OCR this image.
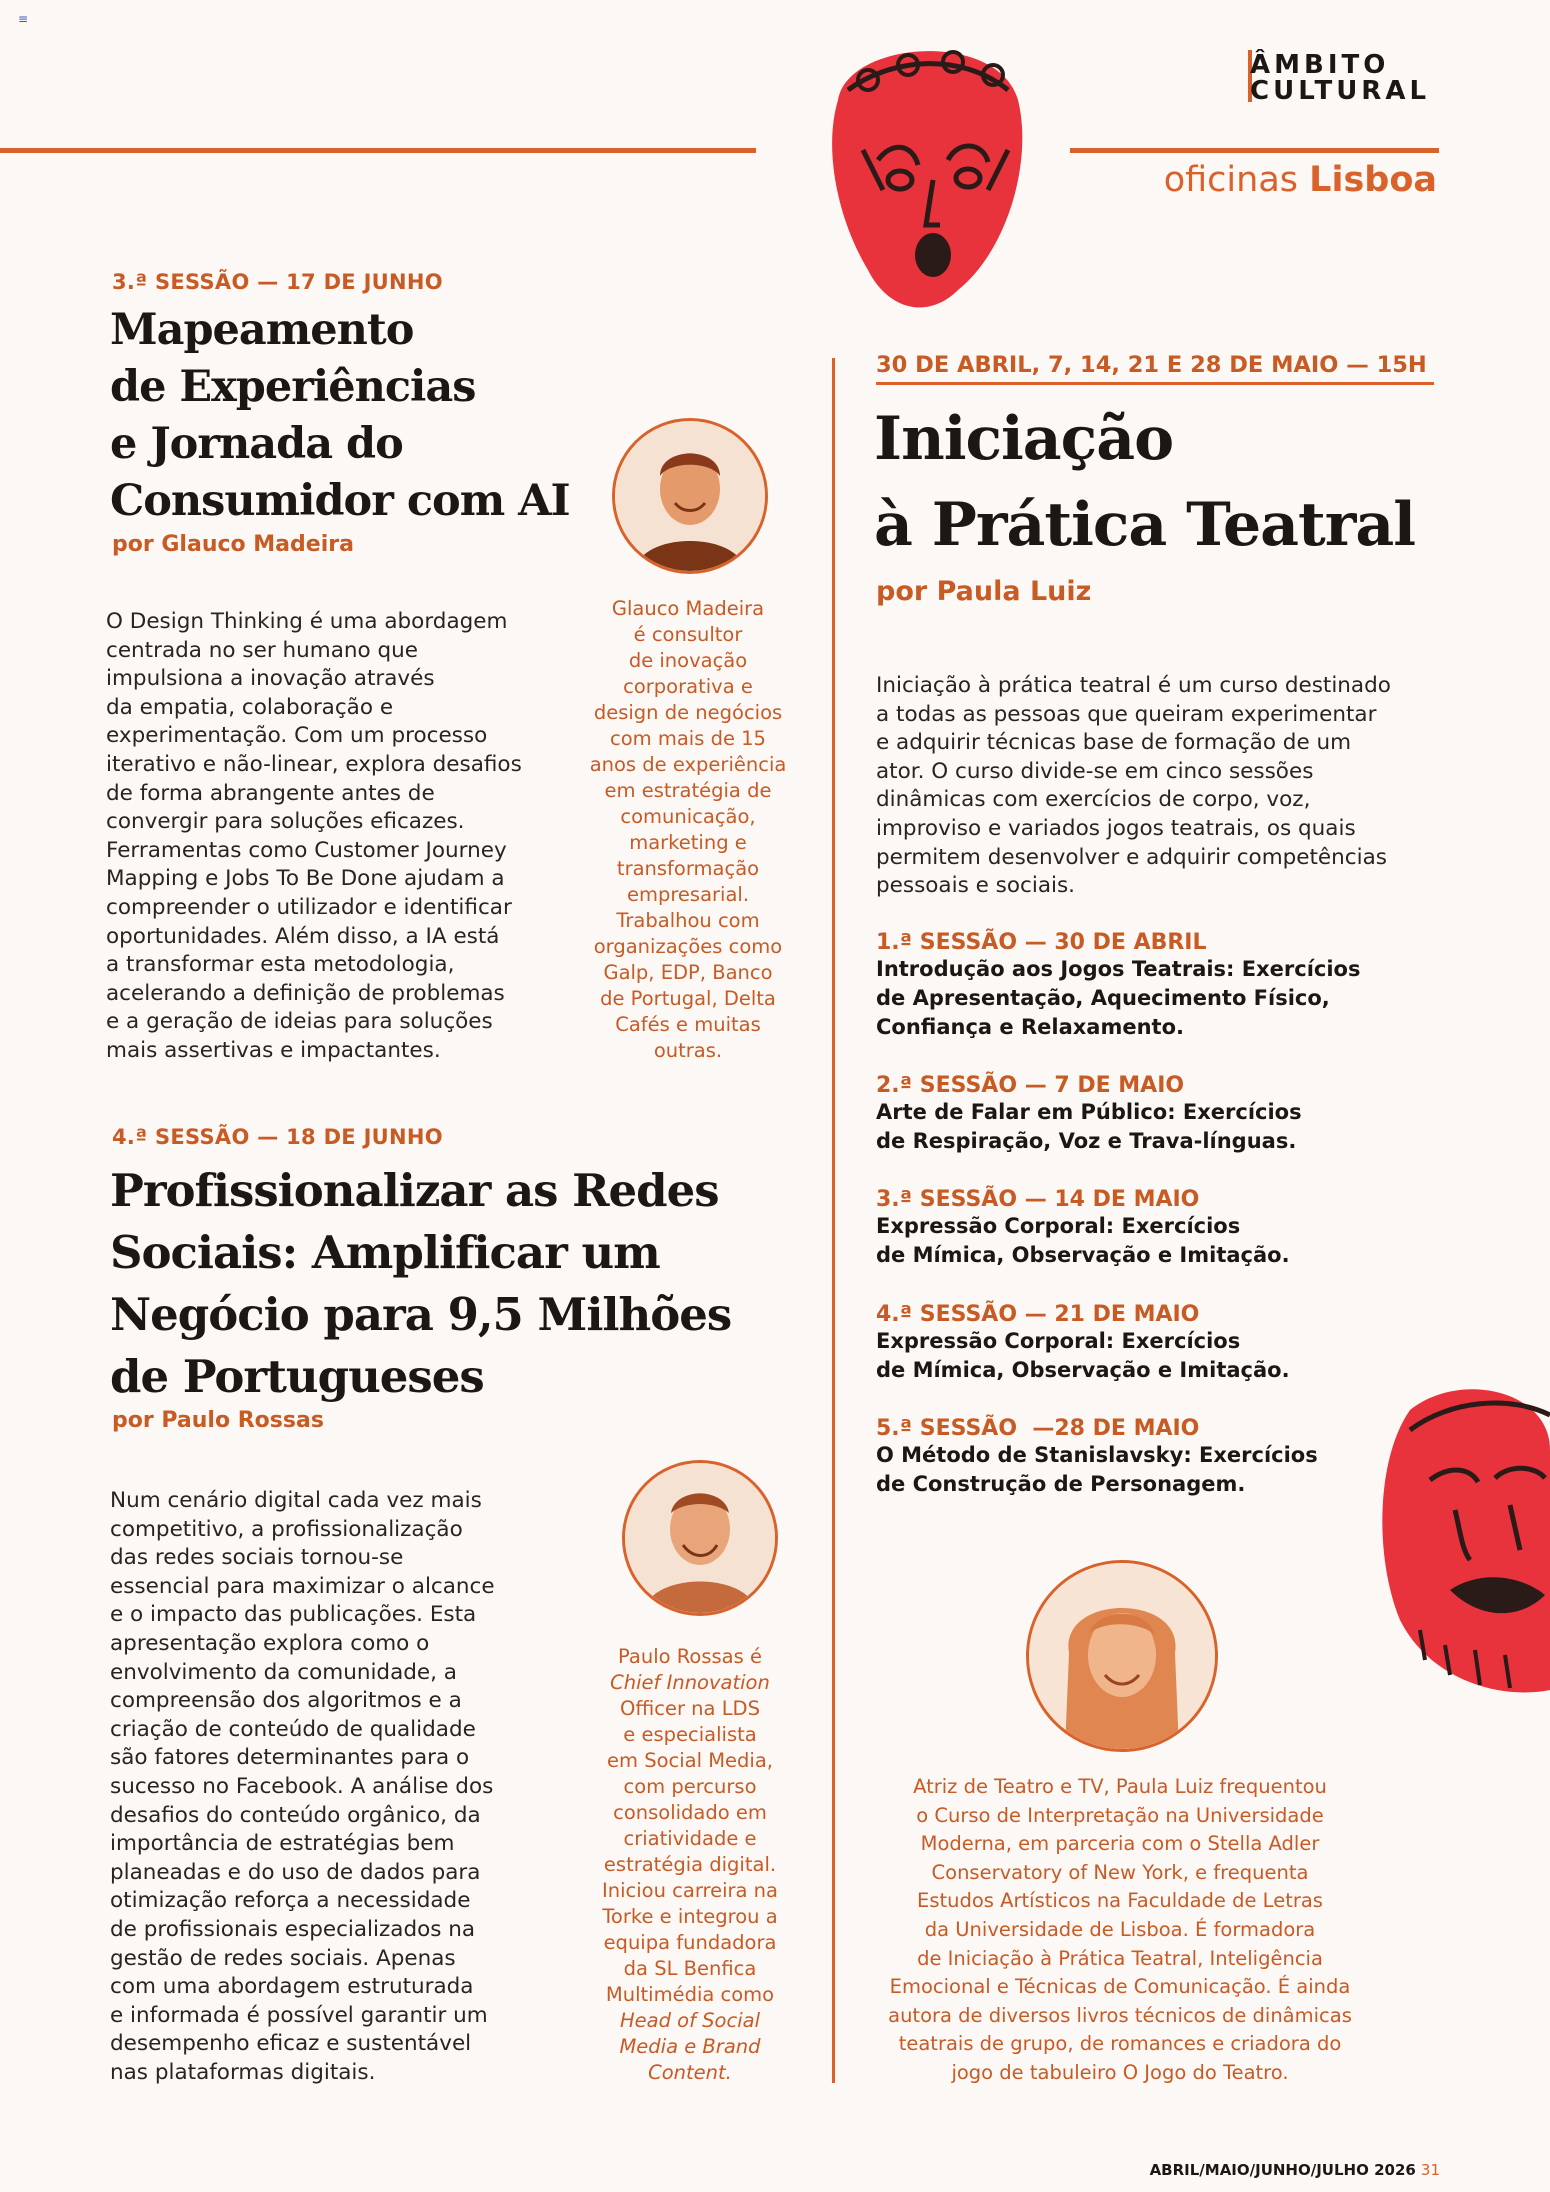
≡
ÂMBITO
CULTURAL
oficinas Lisboa
3.ª SESSÃO — 17 DE JUNHO
Mapeamento
de Experiências
e Jornada do
Consumidor com AI
por Glauco Madeira
O Design Thinking é uma abordagem
centrada no ser humano que
impulsiona a inovação através
da empatia, colaboração e
experimentação. Com um processo
iterativo e não-linear, explora desafios
de forma abrangente antes de
convergir para soluções eficazes.
Ferramentas como Customer Journey
Mapping e Jobs To Be Done ajudam a
compreender o utilizador e identificar
oportunidades. Além disso, a IA está
a transformar esta metodologia,
acelerando a definição de problemas
e a geração de ideias para soluções
mais assertivas e impactantes.
Glauco Madeira
é consultor
de inovação
corporativa e
design de negócios
com mais de 15
anos de experiência
em estratégia de
comunicação,
marketing e
transformação
empresarial.
Trabalhou com
organizações como
Galp, EDP, Banco
de Portugal, Delta
Cafés e muitas
outras.
4.ª SESSÃO — 18 DE JUNHO
Profissionalizar as Redes
Sociais: Amplificar um
Negócio para 9,5 Milhões
de Portugueses
por Paulo Rossas
Num cenário digital cada vez mais
competitivo, a profissionalização
das redes sociais tornou-se
essencial para maximizar o alcance
e o impacto das publicações. Esta
apresentação explora como o
envolvimento da comunidade, a
compreensão dos algoritmos e a
criação de conteúdo de qualidade
são fatores determinantes para o
sucesso no Facebook. A análise dos
desafios do conteúdo orgânico, da
importância de estratégias bem
planeadas e do uso de dados para
otimização reforça a necessidade
de profissionais especializados na
gestão de redes sociais. Apenas
com uma abordagem estruturada
e informada é possível garantir um
desempenho eficaz e sustentável
nas plataformas digitais.
Paulo Rossas é
Chief Innovation
Officer na LDS
e especialista
em Social Media,
com percurso
consolidado em
criatividade e
estratégia digital.
Iniciou carreira na
Torke e integrou a
equipa fundadora
da SL Benfica
Multimédia como
Head of Social
Media e Brand
Content.
30 DE ABRIL, 7, 14, 21 E 28 DE MAIO — 15H
Iniciação
à Prática Teatral
por Paula Luiz
Iniciação à prática teatral é um curso destinado
a todas as pessoas que queiram experimentar
e adquirir técnicas base de formação de um
ator. O curso divide-se em cinco sessões
dinâmicas com exercícios de corpo, voz,
improviso e variados jogos teatrais, os quais
permitem desenvolver e adquirir competências
pessoais e sociais.
1.ª SESSÃO — 30 DE ABRIL
Introdução aos Jogos Teatrais: Exercícios
de Apresentação, Aquecimento Físico,
Confiança e Relaxamento.
2.ª SESSÃO — 7 DE MAIO
Arte de Falar em Público: Exercícios
de Respiração, Voz e Trava-línguas.
3.ª SESSÃO — 14 DE MAIO
Expressão Corporal: Exercícios
de Mímica, Observação e Imitação.
4.ª SESSÃO — 21 DE MAIO
Expressão Corporal: Exercícios
de Mímica, Observação e Imitação.
5.ª SESSÃO  —28 DE MAIO
O Método de Stanislavsky: Exercícios
de Construção de Personagem.
Atriz de Teatro e TV, Paula Luiz frequentou
o Curso de Interpretação na Universidade
Moderna, em parceria com o Stella Adler
Conservatory of New York, e frequenta
Estudos Artísticos na Faculdade de Letras
da Universidade de Lisboa. É formadora
de Iniciação à Prática Teatral, Inteligência
Emocional e Técnicas de Comunicação. É ainda
autora de diversos livros técnicos de dinâmicas
teatrais de grupo, de romances e criadora do
jogo de tabuleiro O Jogo do Teatro.
ABRIL/MAIO/JUNHO/JULHO 2026 31
